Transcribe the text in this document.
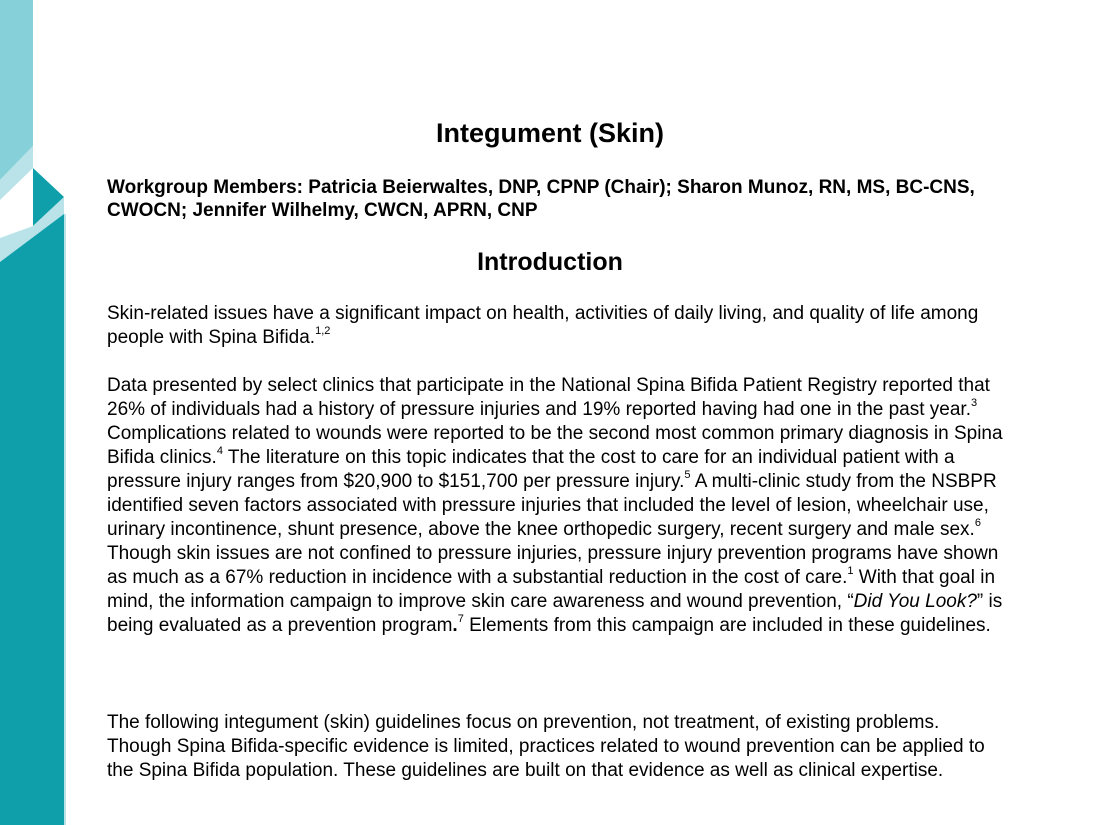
Integument (Skin)

Workgroup Members: Patricia Beierwaltes, DNP, CPNP (Chair); Sharon Munoz, RN, MS, BC-CNS, CWOCN; Jennifer Wilhelmy, CWCN, APRN, CNP

Introduction

Skin-related issues have a significant impact on health, activities of daily living, and quality of life among people with Spina Bifida.$^{1,2}$

Data presented by select clinics that participate in the National Spina Bifida Patient Registry reported that 26% of individuals had a history of pressure injuries and 19% reported having had one in the past year.$^3$ Complications related to wounds were reported to be the second most common primary diagnosis in Spina Bifida clinics.$^4$ The literature on this topic indicates that the cost to care for an individual patient with a pressure injury ranges from $20,900 to $151,700 per pressure injury.$^5$ A multi-clinic study from the NSBPR identified seven factors associated with pressure injuries that included the level of lesion, wheelchair use, urinary incontinence, shunt presence, above the knee orthopedic surgery, recent surgery and male sex.$^6$
Though skin issues are not confined to pressure injuries, pressure injury prevention programs have shown as much as a 67% reduction in incidence with a substantial reduction in the cost of care.$^1$ With that goal in mind, the information campaign to improve skin care awareness and wound prevention, “Did You Look?” is being evaluated as a prevention program.$^7$ Elements from this campaign are included in these guidelines.

The following integument (skin) guidelines focus on prevention, not treatment, of existing problems. Though Spina Bifida-specific evidence is limited, practices related to wound prevention can be applied to the Spina Bifida population. These guidelines are built on that evidence as well as clinical expertise.
